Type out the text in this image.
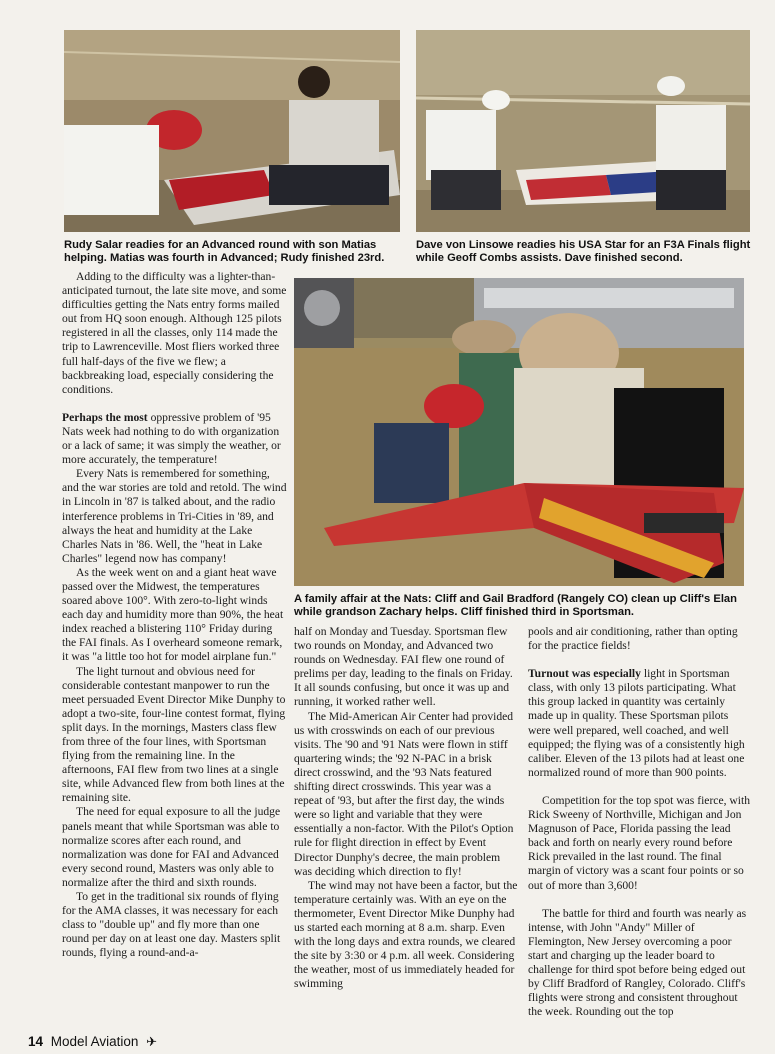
Rudy Salar readies for an Advanced round with son Matias helping. Matias was fourth in Advanced; Rudy finished 23rd.
Dave von Linsowe readies his USA Star for an F3A Finals flight while Geoff Combs assists. Dave finished second.
A family affair at the Nats: Cliff and Gail Bradford (Rangely CO) clean up Cliff's Elan while grandson Zachary helps. Cliff finished third in Sportsman.

Adding to the difficulty was a lighter-than-anticipated turnout, the late site move, and some difficulties getting the Nats entry forms mailed out from HQ soon enough. Although 125 pilots registered in all the classes, only 114 made the trip to Lawrenceville. Most fliers worked three full half-days of the five we flew; a backbreaking load, especially considering the conditions.

Perhaps the most oppressive problem of '95 Nats week had nothing to do with organization or a lack of same; it was simply the weather, or more accurately, the temperature!

Every Nats is remembered for something, and the war stories are told and retold. The wind in Lincoln in '87 is talked about, and the radio interference problems in Tri-Cities in '89, and always the heat and humidity at the Lake Charles Nats in '86. Well, the "heat in Lake Charles" legend now has company!

As the week went on and a giant heat wave passed over the Midwest, the temperatures soared above 100°. With zero-to-light winds each day and humidity more than 90%, the heat index reached a blistering 110° Friday during the FAI finals. As I overheard someone remark, it was "a little too hot for model airplane fun."

The light turnout and obvious need for considerable contestant manpower to run the meet persuaded Event Director Mike Dunphy to adopt a two-site, four-line contest format, flying split days. In the mornings, Masters class flew from three of the four lines, with Sportsman flying from the remaining line. In the afternoons, FAI flew from two lines at a single site, while Advanced flew from both lines at the remaining site.

The need for equal exposure to all the judge panels meant that while Sportsman was able to normalize scores after each round, and normalization was done for FAI and Advanced every second round, Masters was only able to normalize after the third and sixth rounds.

To get in the traditional six rounds of flying for the AMA classes, it was necessary for each class to "double up" and fly more than one round per day on at least one day. Masters split rounds, flying a round-and-a-

half on Monday and Tuesday. Sportsman flew two rounds on Monday, and Advanced two rounds on Wednesday. FAI flew one round of prelims per day, leading to the finals on Friday. It all sounds confusing, but once it was up and running, it worked rather well.

The Mid-American Air Center had provided us with crosswinds on each of our previous visits. The '90 and '91 Nats were flown in stiff quartering winds; the '92 N-PAC in a brisk direct crosswind, and the '93 Nats featured shifting direct crosswinds. This year was a repeat of '93, but after the first day, the winds were so light and variable that they were essentially a non-factor. With the Pilot's Option rule for flight direction in effect by Event Director Dunphy's decree, the main problem was deciding which direction to fly!

The wind may not have been a factor, but the temperature certainly was. With an eye on the thermometer, Event Director Mike Dunphy had us started each morning at 8 a.m. sharp. Even with the long days and extra rounds, we cleared the site by 3:30 or 4 p.m. all week. Considering the weather, most of us immediately headed for swimming

pools and air conditioning, rather than opting for the practice fields!

Turnout was especially light in Sportsman class, with only 13 pilots participating. What this group lacked in quantity was certainly made up in quality. These Sportsman pilots were well prepared, well coached, and well equipped; the flying was of a consistently high caliber. Eleven of the 13 pilots had at least one normalized round of more than 900 points.

Competition for the top spot was fierce, with Rick Sweeny of Northville, Michigan and Jon Magnuson of Pace, Florida passing the lead back and forth on nearly every round before Rick prevailed in the last round. The final margin of victory was a scant four points or so out of more than 3,600!

The battle for third and fourth was nearly as intense, with John "Andy" Miller of Flemington, New Jersey overcoming a poor start and charging up the leader board to challenge for third spot before being edged out by Cliff Bradford of Rangley, Colorado. Cliff's flights were strong and consistent throughout the week. Rounding out the top

14 Model Aviation ✈
